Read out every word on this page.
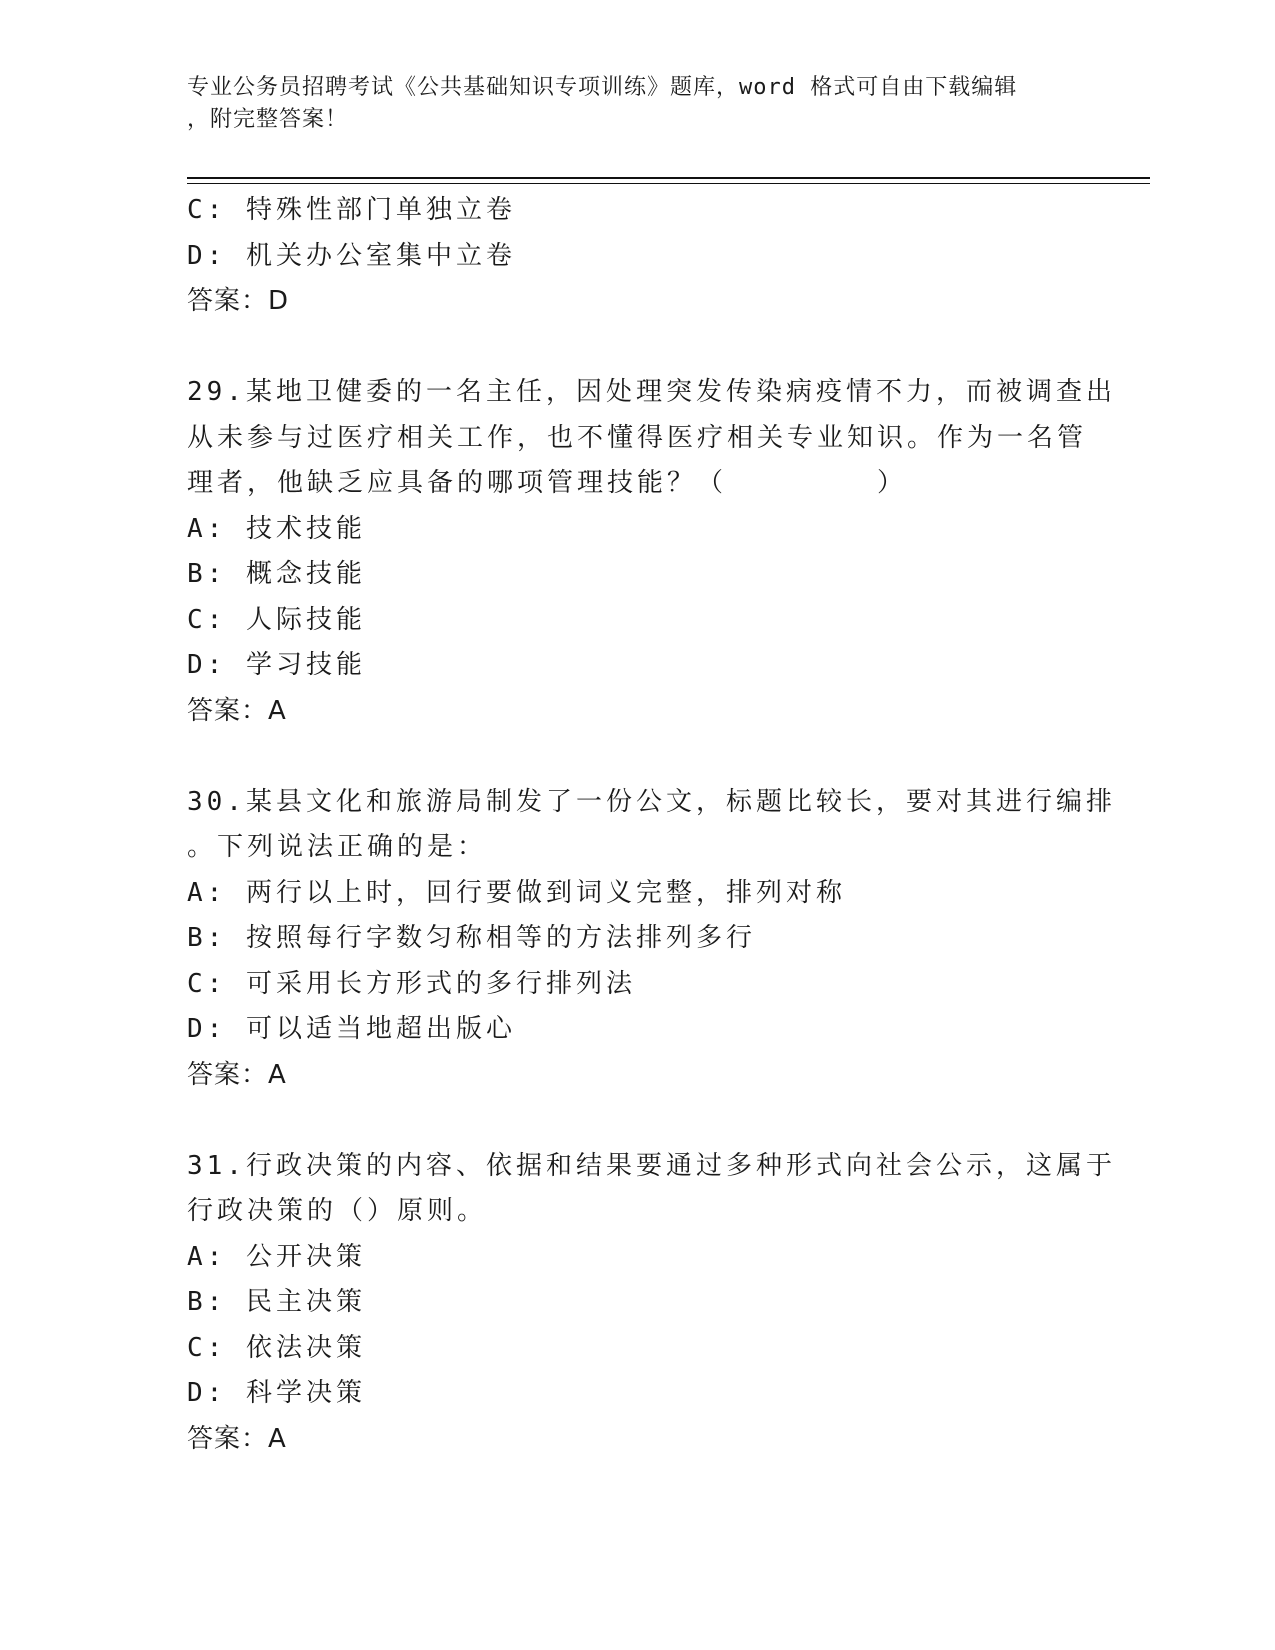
专业公务员招聘考试《公共基础知识专项训练》题库，word 格式可自由下载编辑
，附完整答案！
C: 特殊性部门单独立卷
D: 机关办公室集中立卷
答案：D
29.某地卫健委的一名主任，因处理突发传染病疫情不力，而被调查出
从未参与过医疗相关工作，也不懂得医疗相关专业知识。作为一名管
理者，他缺乏应具备的哪项管理技能？（　　　　　）
A: 技术技能
B: 概念技能
C: 人际技能
D: 学习技能
答案：A
30.某县文化和旅游局制发了一份公文，标题比较长，要对其进行编排
。下列说法正确的是：
A: 两行以上时，回行要做到词义完整，排列对称
B: 按照每行字数匀称相等的方法排列多行
C: 可采用长方形式的多行排列法
D: 可以适当地超出版心
答案：A
31.行政决策的内容、依据和结果要通过多种形式向社会公示，这属于
行政决策的（）原则。
A: 公开决策
B: 民主决策
C: 依法决策
D: 科学决策
答案：A
